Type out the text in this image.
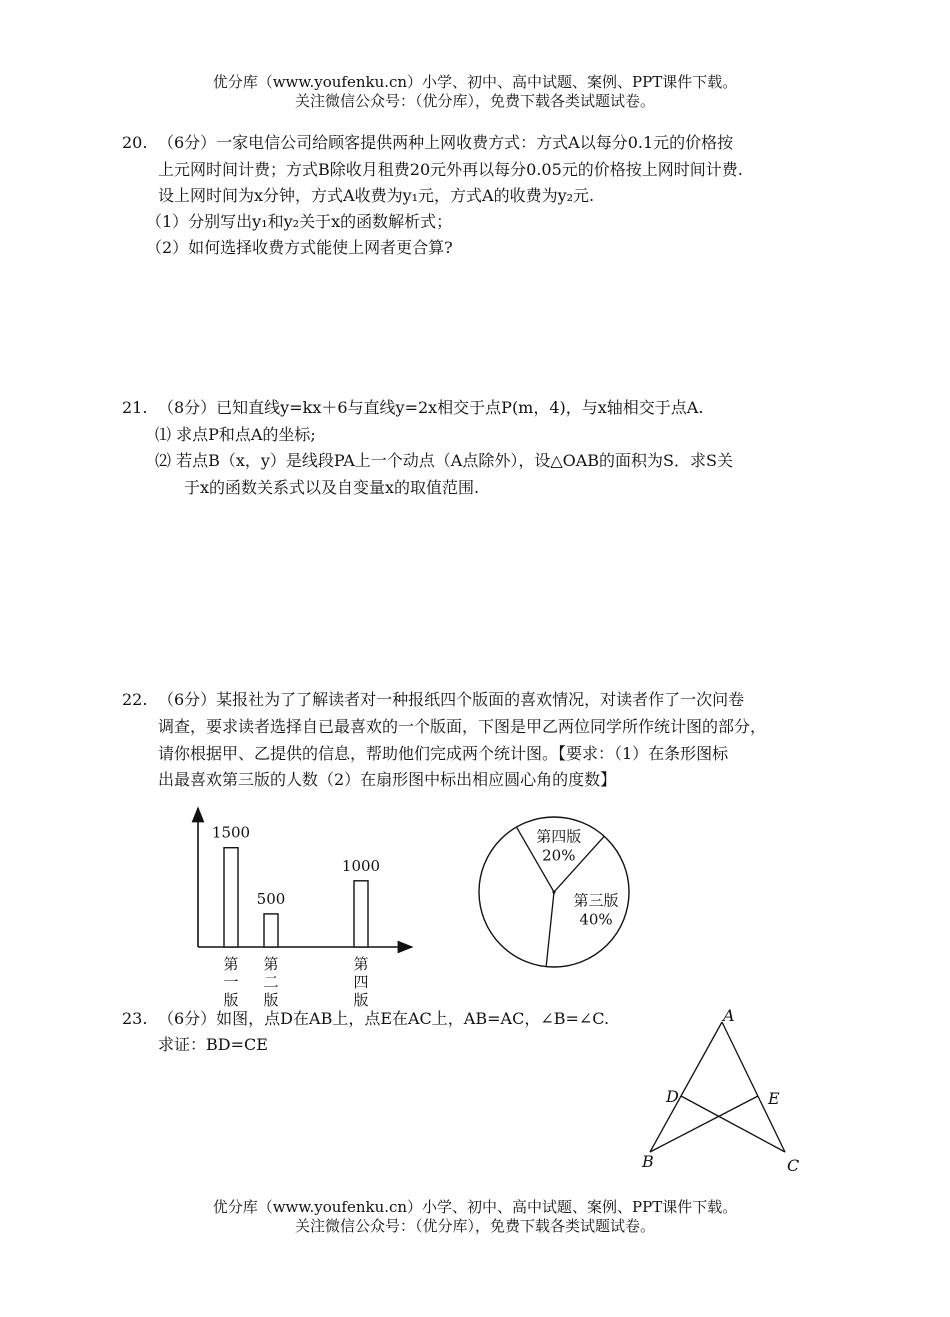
优分库（www.youfenku.cn）小学、初中、高中试题、案例、PPT课件下载。
关注微信公众号：（优分库），免费下载各类试题试卷。
20. （6分）一家电信公司给顾客提供两种上网收费方式：方式A以每分0.1元的价格按
上元网时间计费；方式B除收月租费20元外再以每分0.05元的价格按上网时间计费.
设上网时间为x分钟，方式A收费为y₁元，方式A的收费为y₂元.
（1）分别写出y₁和y₂关于x的函数解析式；
（2）如何选择收费方式能使上网者更合算?
21. （8分）已知直线y=kx＋6与直线y=2x相交于点P(m，4)，与x轴相交于点A.
⑴ 求点P和点A的坐标;
⑵ 若点B（x，y）是线段PA上一个动点（A点除外），设△OAB的面积为S．求S关
于x的函数关系式以及自变量x的取值范围.
22. （6分）某报社为了了解读者对一种报纸四个版面的喜欢情况，对读者作了一次问卷
调查，要求读者选择自已最喜欢的一个版面，下图是甲乙两位同学所作统计图的部分，
请你根据甲、乙提供的信息，帮助他们完成两个统计图。【要求：（1）在条形图标
出最喜欢第三版的人数（2）在扇形图中标出相应圆心角的度数】
1500
第
一
版
500
第
二
版
1000
第
四
版
第四版
20%
第三版
40%
23. （6分）如图，点D在AB上，点E在AC上，AB=AC，∠B=∠C.
求证：BD=CE
A
B	C
D	E
优分库（www.youfenku.cn）小学、初中、高中试题、案例、PPT课件下载。
关注微信公众号：（优分库），免费下载各类试题试卷。
